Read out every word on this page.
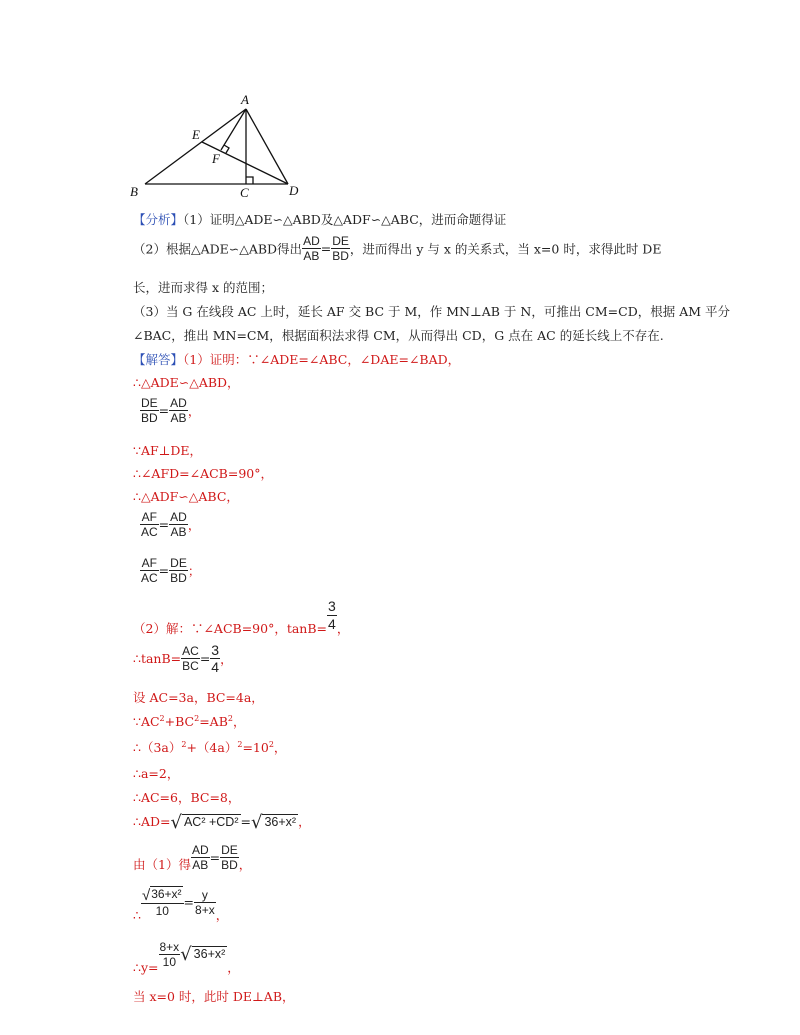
A
E
F
B	C	D
【分析】（1）证明△ADE∽△ABD及△ADF∽△ABC，进而命题得证
（2）根据△ADE∽△ABD得出 $\frac{AD}{AB} = \frac{DE}{BD}$ ，进而得出 y 与 x 的关系式，当 x=0 时，求得此时 DE
长，进而求得 x 的范围；
（3）当 G 在线段 AC 上时，延长 AF 交 BC 于 M，作 MN⊥AB 于 N，可推出 CM=CD，根据 AM 平分
∠BAC，推出 MN=CM，根据面积法求得 CM，从而得出 CD，G 点在 AC 的延长线上不存在.
【解答】（1）证明：∵∠ADE=∠ABC，∠DAE=∠BAD，
∴△ADE∽△ABD，
$\frac{DE}{BD} = \frac{AD}{AB}$ ，
∵AF⊥DE，
∴∠AFD=∠ACB=90°，
∴△ADF∽△ABC，
$\frac{AF}{AC} = \frac{AD}{AB}$ ，
$\frac{AF}{AC} = \frac{DE}{BD}$ ；
（2）解：∵∠ACB=90°，$\tan B= \frac{3}{4}$ ，
∴tanB= $\frac{AC}{BC} = \frac{3}{4}$ ，
设 AC=3a，BC=4a，
$\because AC^2+BC^2=AB^2$，
$\therefore(3a)^2+(4a)^2=10^2$，
∴a=2，
∴AC=6，BC=8，
∴AD=√ AC² +CD² =√ 36+x² ，
由（1）得 $\frac{AD}{AB} = \frac{DE}{BD}$ ，
∴ $\frac{\text{√36+x²}}{10} = \frac{y}{8+x}$ ，
∴y= $\frac{8+x}{10}$ √ 36+x²，
当 x=0 时，此时 DE⊥AB，
